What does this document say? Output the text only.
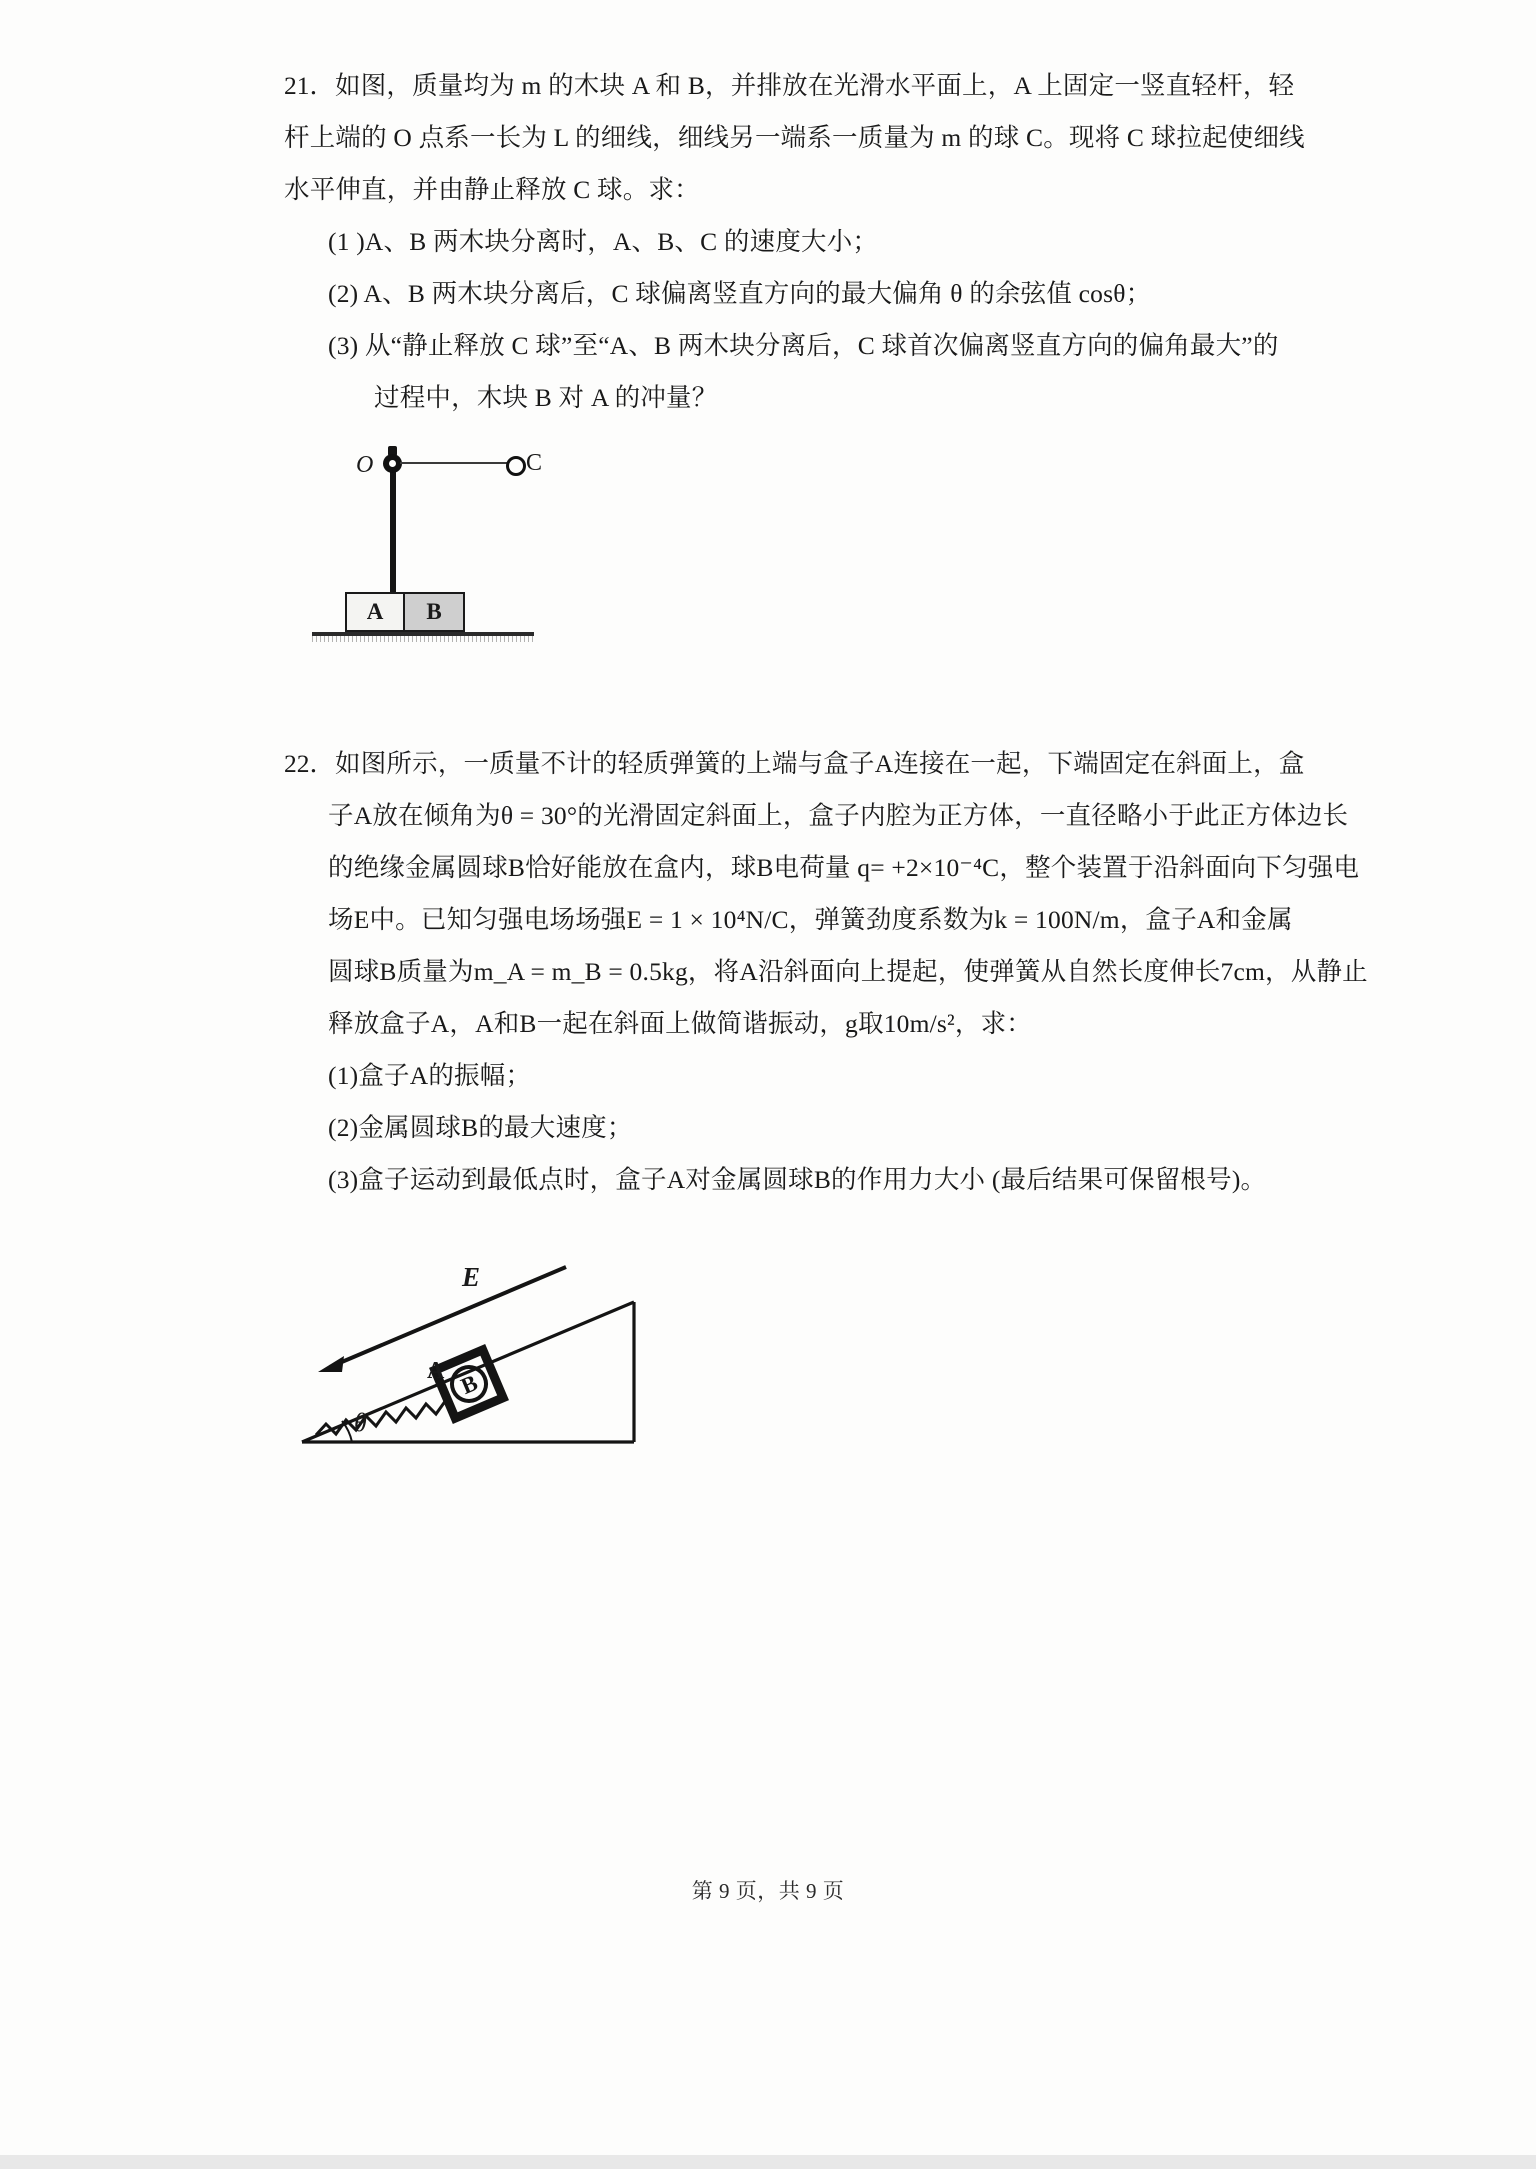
21．如图，质量均为 m 的木块 A 和 B，并排放在光滑水平面上，A 上固定一竖直轻杆，轻
杆上端的 O 点系一长为 L 的细线，细线另一端系一质量为 m 的球 C。现将 C 球拉起使细线
水平伸直，并由静止释放 C 球。求：
(1 )A、B 两木块分离时，A、B、C 的速度大小；
(2) A、B 两木块分离后，C 球偏离竖直方向的最大偏角 θ 的余弦值 cosθ；
(3) 从“静止释放 C 球”至“A、B 两木块分离后，C 球首次偏离竖直方向的偏角最大”的
过程中，木块 B 对 A 的冲量？
O	C
A	B
22．如图所示，一质量不计的轻质弹簧的上端与盒子A连接在一起，下端固定在斜面上，盒
子A放在倾角为θ = 30°的光滑固定斜面上，盒子内腔为正方体，一直径略小于此正方体边长
的绝缘金属圆球B恰好能放在盒内，球B电荷量 q= +2×10⁻⁴C，整个装置于沿斜面向下匀强电
场E中。已知匀强电场场强E = 1 × 10⁴N/C，弹簧劲度系数为k = 100N/m，盒子A和金属
圆球B质量为m_A = m_B = 0.5kg，将A沿斜面向上提起，使弹簧从自然长度伸长7cm，从静止
释放盒子A，A和B一起在斜面上做简谐振动，g取10m/s²，求：
(1)盒子A的振幅；
(2)金属圆球B的最大速度；
(3)盒子运动到最低点时，盒子A对金属圆球B的作用力大小 (最后结果可保留根号)。
B
E
A
θ
第 9 页，共 9 页
